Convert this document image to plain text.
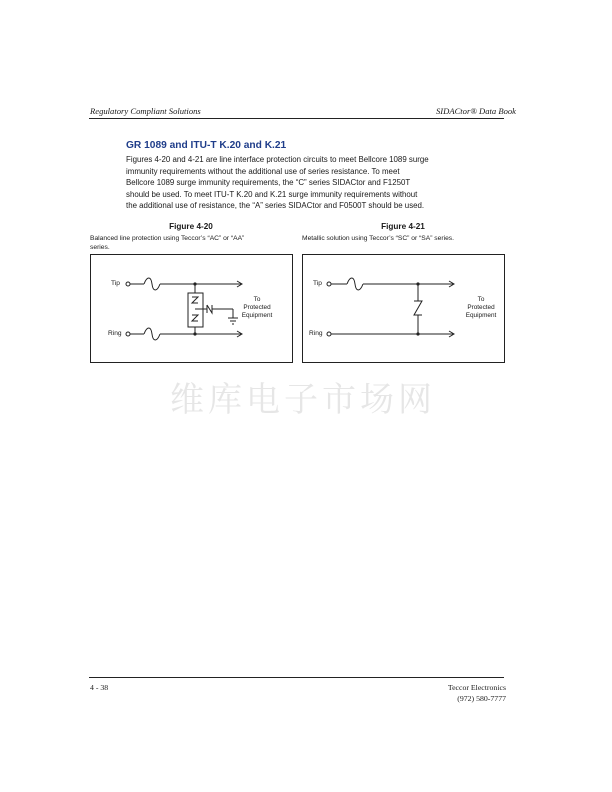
Regulatory Compliant Solutions	SIDACtor® Data Book
GR 1089 and ITU-T K.20 and K.21
Figures 4-20 and 4-21 are line interface protection circuits to meet Bellcore 1089 surge
immunity requirements without the additional use of series resistance. To meet
Bellcore 1089 surge immunity requirements, the “C” series SIDACtor and F1250T
should be used. To meet ITU-T K.20 and K.21 surge immunity requirements without
the additional use of resistance, the “A” series SIDACtor and F0500T should be used.
Figure 4-20
Balanced line protection using Teccor’s “AC” or “AA”
series.
Tip
Ring
To
Protected
Equipment
Figure 4-21
Metallic solution using Teccor’s “SC” or “SA” series.
Tip
Ring
To
Protected
Equipment
维库电子市场网
4 - 38	Teccor Electronics
(972) 580-7777
